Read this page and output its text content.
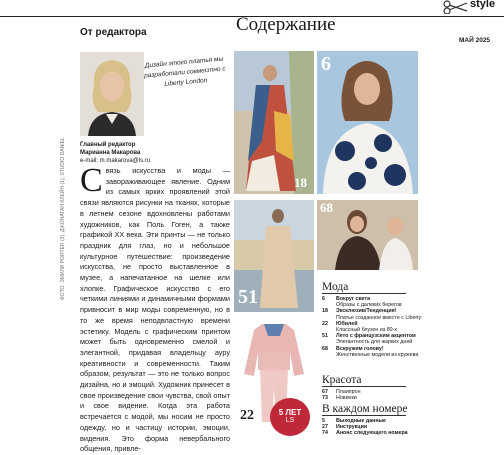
style
От редактора	Содержание
МАЙ 2025
Главный редактор
Марианна Макарова
e-mail: m.makarova@ls.ru
Дизайн этого платья мы разработали совместно с Liberty London
Связь искусства и моды — завораживающее явление. Одним из самых ярких проявлений этой связи являются рисунки на тканях, которые в летнем сезоне вдохновлены работами художников, как Поль Гоген, а также графикой XX века. Эти принты — не только праздник для глаз, но и небольшое культурное путешествие: произведение искусства, не просто выставленное в музее, а напечатанное на шелке или хлопке. Графическое искусство с его четкими линиями и динамичными формами привносит в мир моды современную, но в то же время неподвластную времени эстетику. Модель с графическим принтом может быть одновременно смелой и элегантной, придавая владельцу ауру креативности и современности. Таким образом, результат — это не только вопрос дизайна, но и эмоций. Художник принесет в свое произведение свои чувства, свой опыт и свое видение. Когда эта работа встречается с модой, мы носим не просто одежду, но и частицу истории, эмоции, видения. Это форма невербального общения, привле-
ФОТО: ЭМИЛИ PORTER (3), ДЖОНАТАН КЛЕЙН (1), STUDIO DANIEL	18
6
51
68
22	5 ЛЕТ
LS
Мода
6 Вокруг света
Образы с далеких берегов
18 Эксклюзив/Тенденция!
Платье созданное вместе с Liberty
22 Юбилей
Классный блузон из 80-х
51 Лето с французским акцентом
Элегантность для жарких дней
68 Вскружим голову!
Женственные модели из кружева
Красота
67 Плаипрон
73 Новинки
В каждом номере
5 Выходные данные
27 Инструкции
74 Анонс следующего номера
